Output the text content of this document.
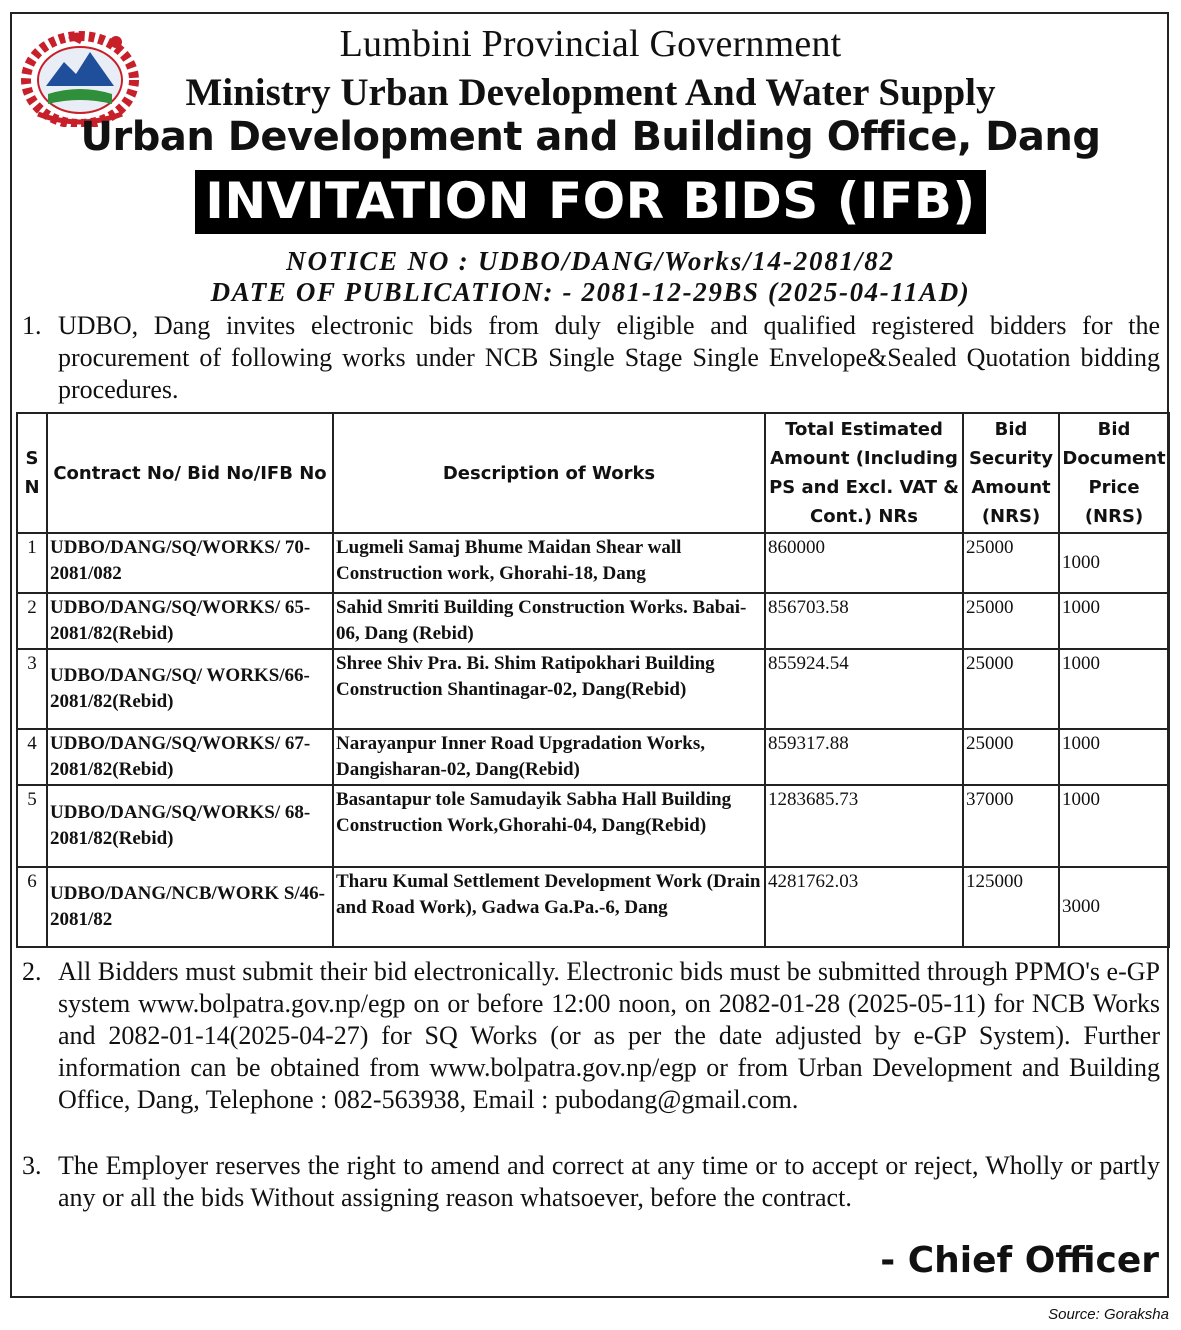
Lumbini Provincial Government
Ministry Urban Development And Water Supply
Urban Development and Building Office, Dang
INVITATION FOR BIDS (IFB)
NOTICE NO : UDBO/DANG/Works/14-2081/82
DATE OF PUBLICATION: - 2081-12-29BS (2025-04-11AD)
1. UDBO, Dang invites electronic bids from duly eligible and qualified registered bidders for the procurement of following works under NCB Single Stage Single Envelope&Sealed Quotation bidding procedures.
S N	Contract No/ Bid No/IFB No	Description of Works	Total Estimated Amount (Including PS and Excl. VAT & Cont.) NRs	Bid Security Amount (NRS)	Bid Document Price (NRS)
1	UDBO/DANG/SQ/WORKS/ 70-2081/082	Lugmeli Samaj Bhume Maidan Shear wall Construction work, Ghorahi-18, Dang	860000	25000	1000
2	UDBO/DANG/SQ/WORKS/ 65-2081/82(Rebid)	Sahid Smriti Building Construction Works. Babai-06, Dang (Rebid)	856703.58	25000	1000
3	UDBO/DANG/SQ/ WORKS/66-2081/82(Rebid)	Shree Shiv Pra. Bi. Shim Ratipokhari Building Construction Shantinagar-02, Dang(Rebid)	855924.54	25000	1000
4	UDBO/DANG/SQ/WORKS/ 67-2081/82(Rebid)	Narayanpur Inner Road Upgradation Works, Dangisharan-02, Dang(Rebid)	859317.88	25000	1000
5	UDBO/DANG/SQ/WORKS/ 68-2081/82(Rebid)	Basantapur tole Samudayik Sabha Hall Building Construction Work,Ghorahi-04, Dang(Rebid)	1283685.73	37000	1000
6	UDBO/DANG/NCB/WORK S/46-2081/82	Tharu Kumal Settlement Development Work (Drain and Road Work), Gadwa Ga.Pa.-6, Dang	4281762.03	125000	3000
2. All Bidders must submit their bid electronically. Electronic bids must be submitted through PPMO's e-GP system www.bolpatra.gov.np/egp on or before 12:00 noon, on 2082-01-28 (2025-05-11) for NCB Works and 2082-01-14(2025-04-27) for SQ Works (or as per the date adjusted by e-GP System). Further information can be obtained from www.bolpatra.gov.np/egp or from Urban Development and Building Office, Dang, Telephone : 082-563938, Email : pubodang@gmail.com.
3. The Employer reserves the right to amend and correct at any time or to accept or reject, Wholly or partly any or all the bids Without assigning reason whatsoever, before the contract.
- Chief Officer
Source: Goraksha
